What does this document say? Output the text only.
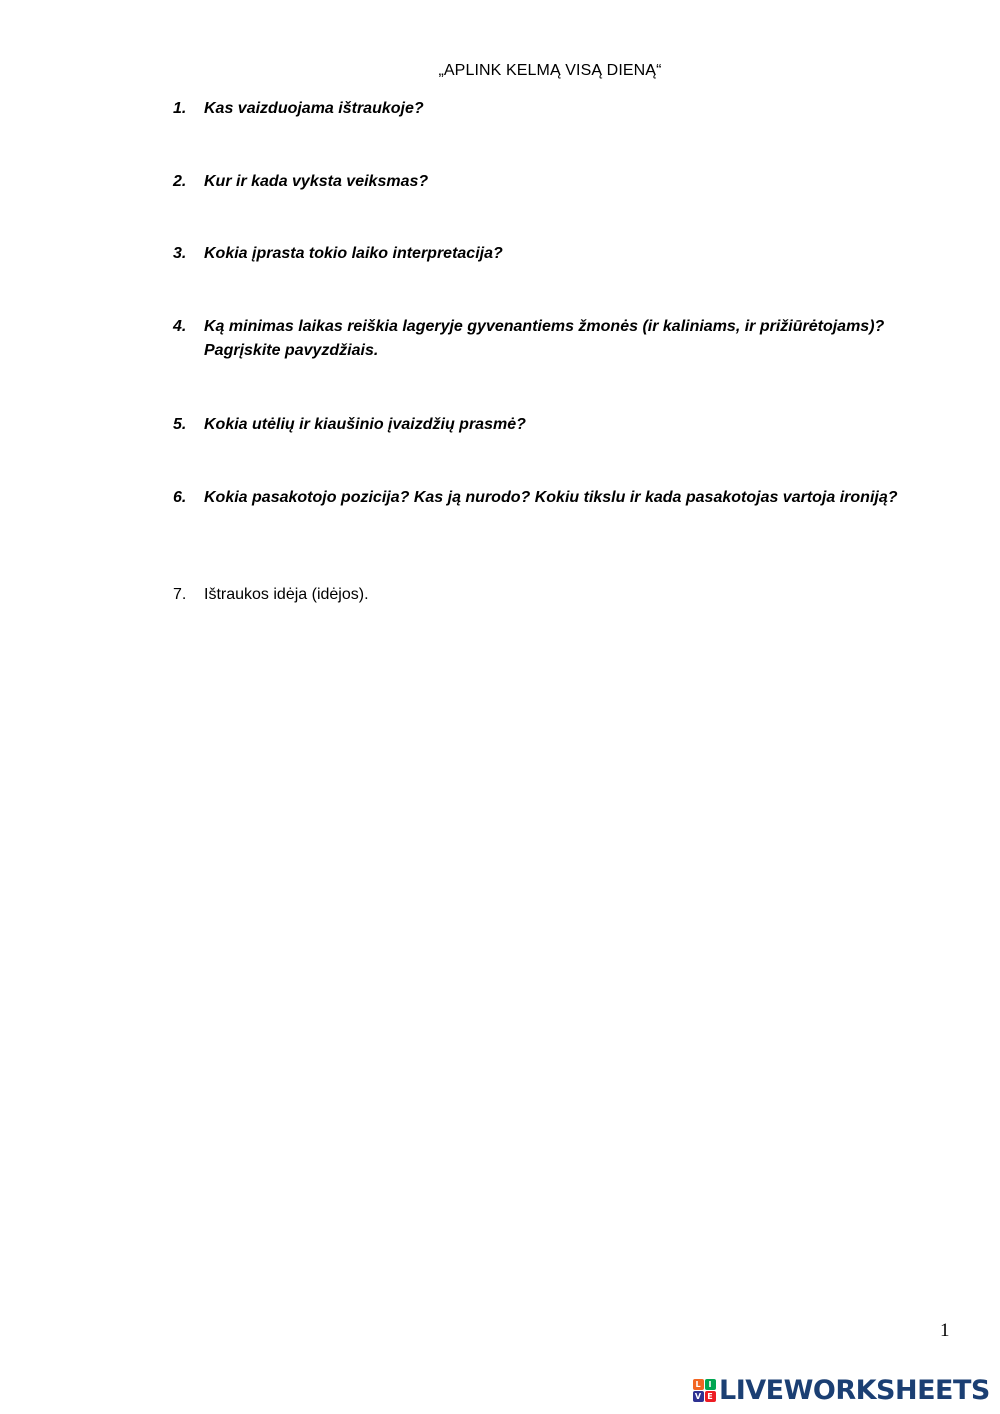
„APLINK KELMĄ VISĄ DIENĄ“
1.	Kas vaizduojama ištraukoje?
2.	Kur ir kada vyksta veiksmas?
3.	Kokia įprasta tokio laiko interpretacija?
4.	Ką minimas laikas reiškia lageryje gyvenantiems žmonės (ir kaliniams, ir prižiūrėtojams)? Pagrįskite pavyzdžiais.
5.	Kokia utėlių ir kiaušinio įvaizdžių prasmė?
6.	Kokia pasakotojo pozicija? Kas ją nurodo? Kokiu tikslu ir kada pasakotojas vartoja ironiją?
7.	Ištraukos idėja (idėjos).
1
L I
V E LIVEWORKSHEETS
